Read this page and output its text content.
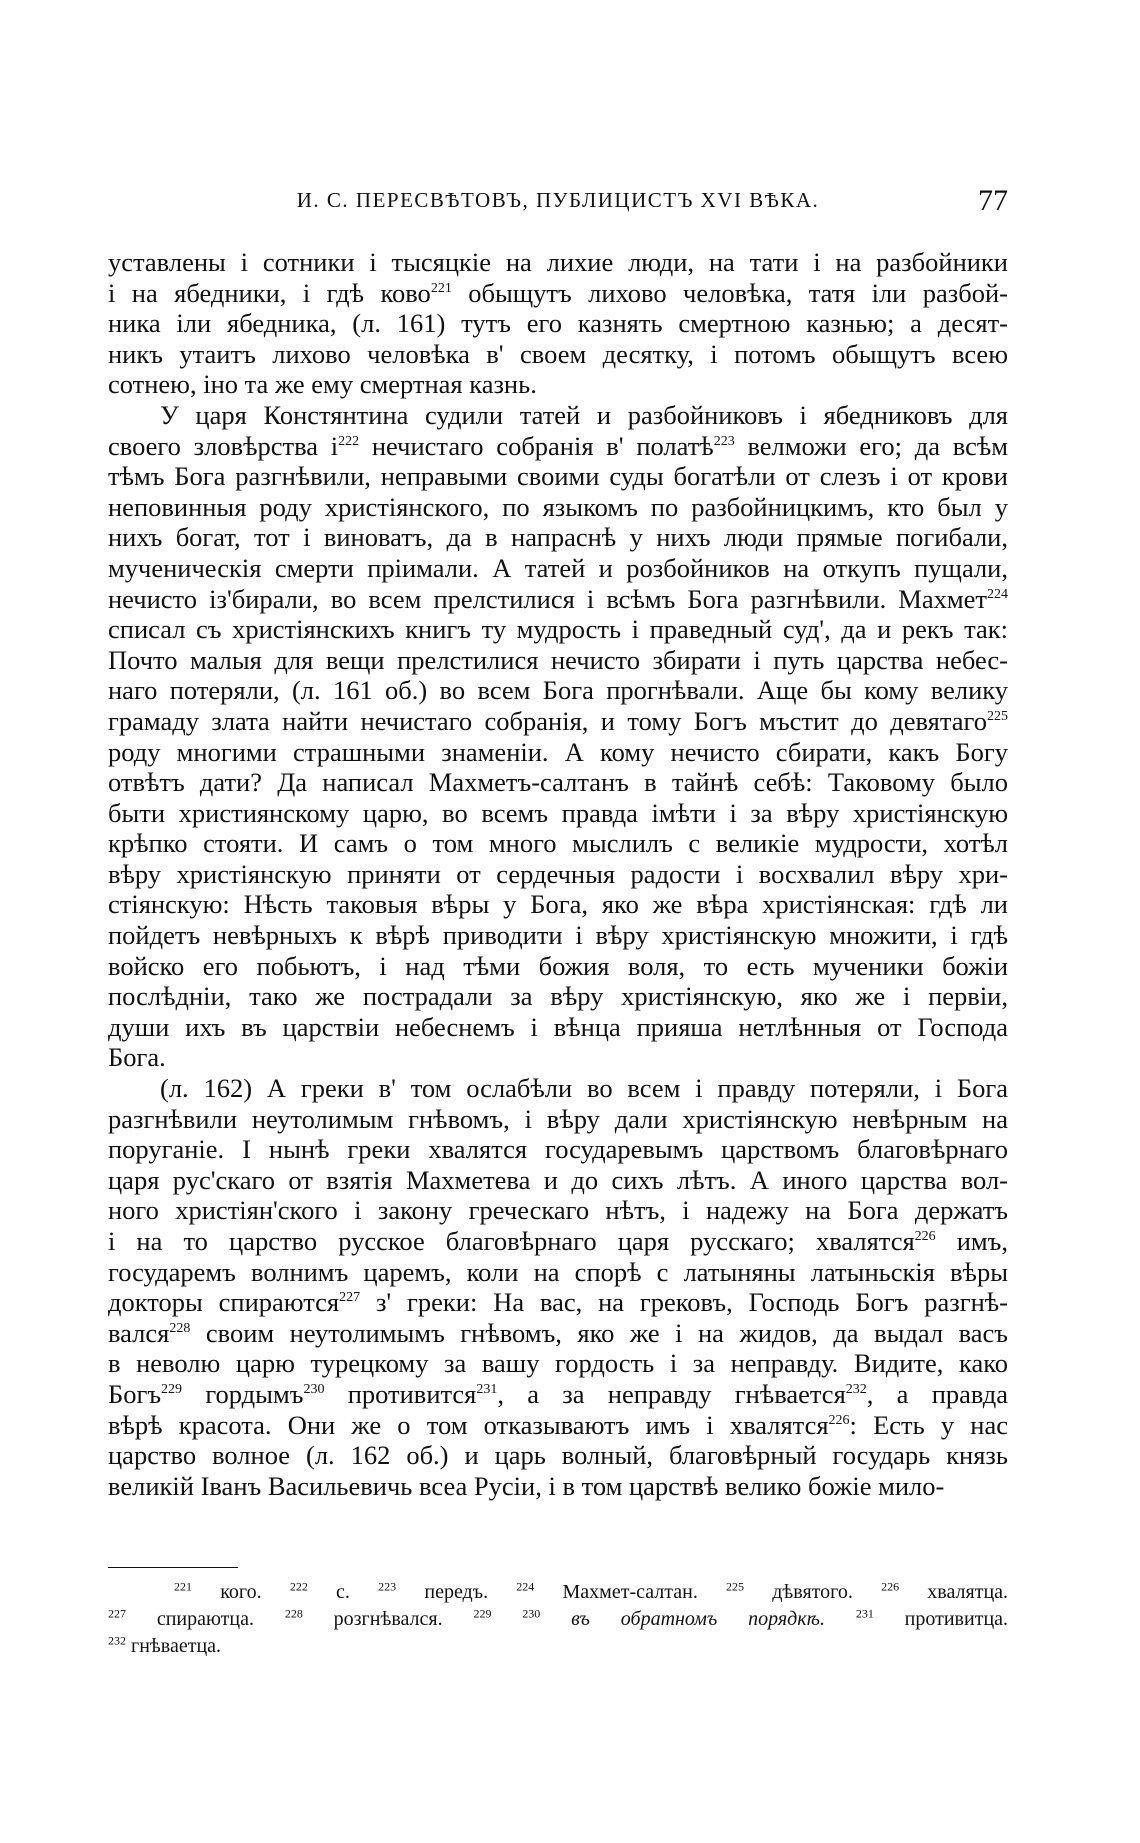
И. С. ПЕРЕСВѢТОВЪ, ПУБЛИЦИСТЪ XVI ВѢКА.	77
уставлены і сотники і тысяцкіе на лихие люди, на тати і на разбойники
і на ябедники, і гдѣ ково$^{221}$ обыщутъ лихово человѣка, татя іли разбой-
ника іли ябедника, (л. 161) тутъ его казнять смертною казнью; а десят-
никъ утаитъ лихово человѣка в' своем десятку, і потомъ обыщутъ всею
сотнею, іно та же ему смертная казнь.
У царя Констянтина судили татей и разбойниковъ і ябедниковъ для
своего зловѣрства $і^{222}$ нечистаго собранія в' полатѣ$^{223}$ велможи его; да всѣм
тѣмъ Бога разгнѣвили, неправыми своими суды богатѣли от слезъ і от крови
неповинныя роду христіянского, по языкомъ по разбойницкимъ, кто был у
нихъ богат, тот і виноватъ, да в напраснѣ у нихъ люди прямые погибали,
мученическія смерти пріимали. А татей и розбойников на откупъ пущали,
нечисто із'бирали, во всем прелстилися і всѣмъ Бога разгнѣвили. Махмет$^{224}$
списал съ христіянскихъ книгъ ту мудрость і праведный суд', да и рекъ так:
Почто малыя для вещи прелстилися нечисто збирати і путь царства небес-
наго потеряли, (л. 161 об.) во всем Бога прогнѣвали. Аще бы кому велику
грамаду злата найти нечистаго собранія, и тому Богъ мъстит до девятаго$^{225}$
роду многими страшными знаменіи. А кому нечисто сбирати, какъ Богу
отвѣтъ дати? Да написал Махметъ-салтанъ в тайнѣ себѣ: Таковому было
быти християнскому царю, во всемъ правда імѣти і за вѣру христіянскую
крѣпко стояти. И самъ о том много мыслилъ с великіе мудрости, хотѣл
вѣру христіянскую приняти от сердечныя радости і восхвалил вѣру хри-
стіянскую: Нѣсть таковыя вѣры у Бога, яко же вѣра христіянская: гдѣ ли
пойдетъ невѣрныхъ к вѣрѣ приводити і вѣру христіянскую множити, і гдѣ
войско его побьютъ, і над тѣми божия воля, то есть мученики божіи
послѣдніи, тако же пострадали за вѣру христіянскую, яко же і первіи,
души ихъ въ царствіи небеснемъ і вѣнца прияша нетлѣнныя от Господа
Бога.
(л. 162) А греки в' том ослабѣли во всем і правду потеряли, і Бога
разгнѣвили неутолимым гнѣвомъ, і вѣру дали христіянскую невѣрным на
поруганіе. І нынѣ греки хвалятся государевымъ царствомъ благовѣрнаго
царя рус'скаго от взятія Махметева и до сихъ лѣтъ. А иного царства вол-
ного христіян'ского і закону греческаго нѣтъ, і надежу на Бога держатъ
і на то царство русское благовѣрнаго царя русскаго; хвалятся$^{226}$ имъ,
государемъ волнимъ царемъ, коли на спорѣ с латыняны латыньскія вѣры
докторы спираются$^{227}$ з' греки: На вас, на грековъ, Господь Богъ разгнѣ-
вался$^{228}$ своим неутолимымъ гнѣвомъ, яко же і на жидов, да выдал васъ
в неволю царю турецкому за вашу гордость і за неправду. Видите, како
Богъ$^{229}$ гордымъ$^{230}$ противится$^{231}$, а за неправду гнѣвается$^{232}$, а правда
вѣрѣ красота. Они же о том отказываютъ имъ і хвалятся$^{226}$: Есть у нас
царство волное (л. 162 об.) и царь волный, благовѣрный государь князь
великій Іванъ Васильевичь всеа Русіи, і в том царствѣ велико божіе мило-
$^{221}$ кого. $^{222}$ с. $^{223}$ передъ. $^{224}$ Махмет-салтан. $^{225}$ дѣвятого. $^{226}$ хвалятца.
$^{227}$ спираютца. $^{228}$ розгнѣвался. $^{229}$	$^{230}$ въ обратномъ порядкѣ.	$^{231}$ противитца.
$^{232}$ гнѣваетца.
